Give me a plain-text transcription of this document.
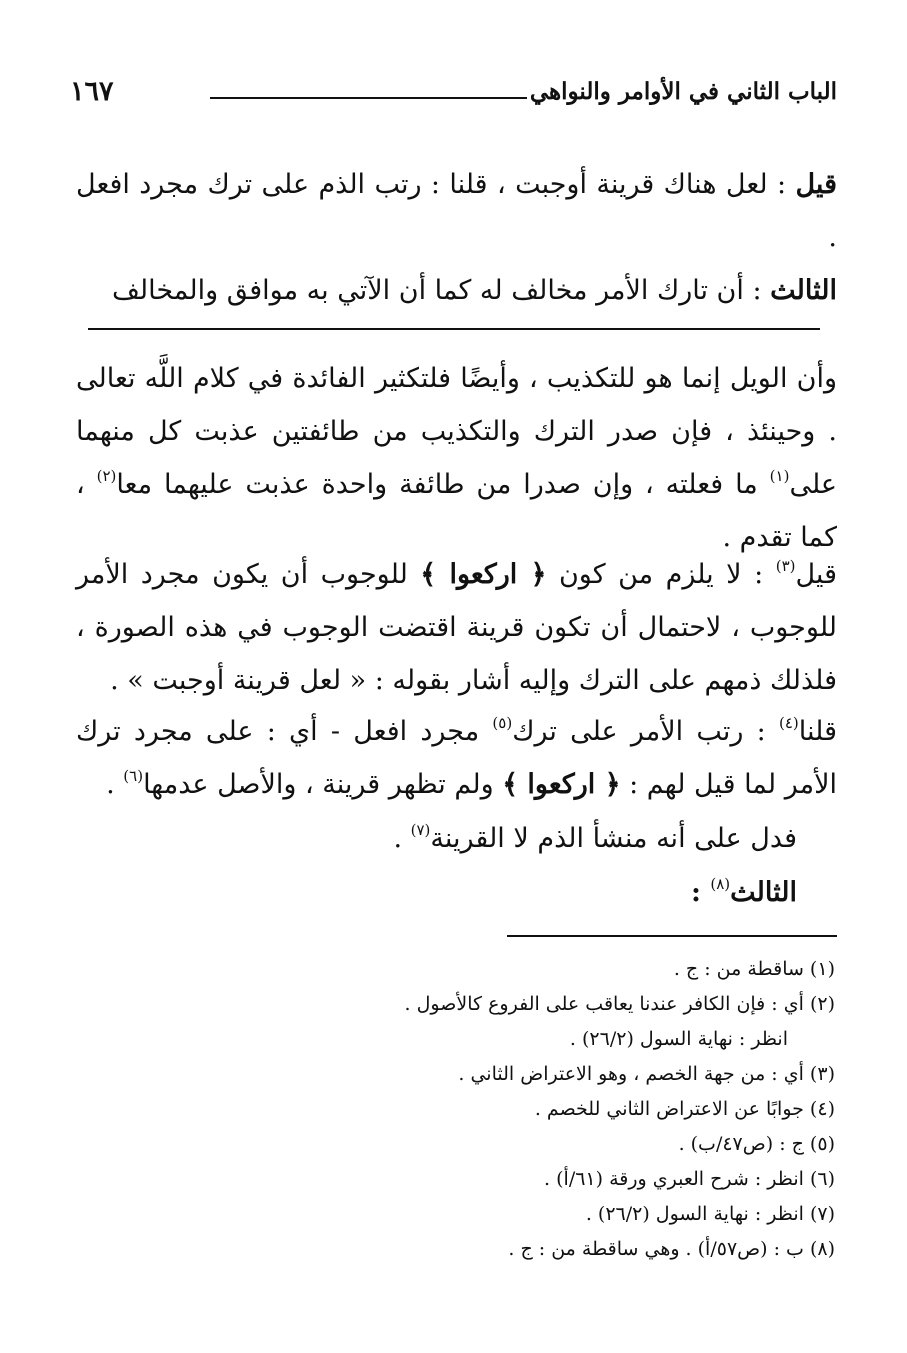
الباب الثاني في الأوامر والنواهي
١٦٧
قيل : لعل هناك قرينة أوجبت ، قلنا : رتب الذم على ترك مجرد افعل .
الثالث : أن تارك الأمر مخالف له كما أن الآتي به موافق والمخالف
وأن الويل إنما هو للتكذيب ، وأيضًا فلتكثير الفائدة في كلام اللَّه تعالى . وحينئذ ، فإن صدر الترك والتكذيب من طائفتين عذبت كل منهما على$^{(١)}$ ما فعلته ، وإن صدرا من طائفة واحدة عذبت عليهما معا$^{(٢)}$ ، كما تقدم .
قيل$^{(٣)}$ : لا يلزم من كون ﴿ اركعوا ﴾ للوجوب أن يكون مجرد الأمر للوجوب ، لاحتمال أن تكون قرينة اقتضت الوجوب في هذه الصورة ، فلذلك ذمهم على الترك وإليه أشار بقوله : « لعل قرينة أوجبت » .
قلنا$^{(٤)}$ : رتب الأمر على ترك$^{(٥)}$ مجرد افعل - أي : على مجرد ترك الأمر لما قيل لهم : ﴿ اركعوا ﴾ ولم تظهر قرينة ، والأصل عدمها$^{(٦)}$ .
فدل على أنه منشأ الذم لا القرينة$^{(٧)}$ .
الثالث$^{(٨)}$ :
(١) ساقطة من : ج .
(٢) أي : فإن الكافر عندنا يعاقب على الفروع كالأصول .
انظر : نهاية السول (٢٦/٢) .
(٣) أي : من جهة الخصم ، وهو الاعتراض الثاني .
(٤) جوابًا عن الاعتراض الثاني للخصم .
(٥) ج : (ص٤٧/ب) .
(٦) انظر : شرح العبري ورقة (٦١/أ) .
(٧) انظر : نهاية السول (٢٦/٢) .
(٨) ب : (ص٥٧/أ) . وهي ساقطة من : ج .
